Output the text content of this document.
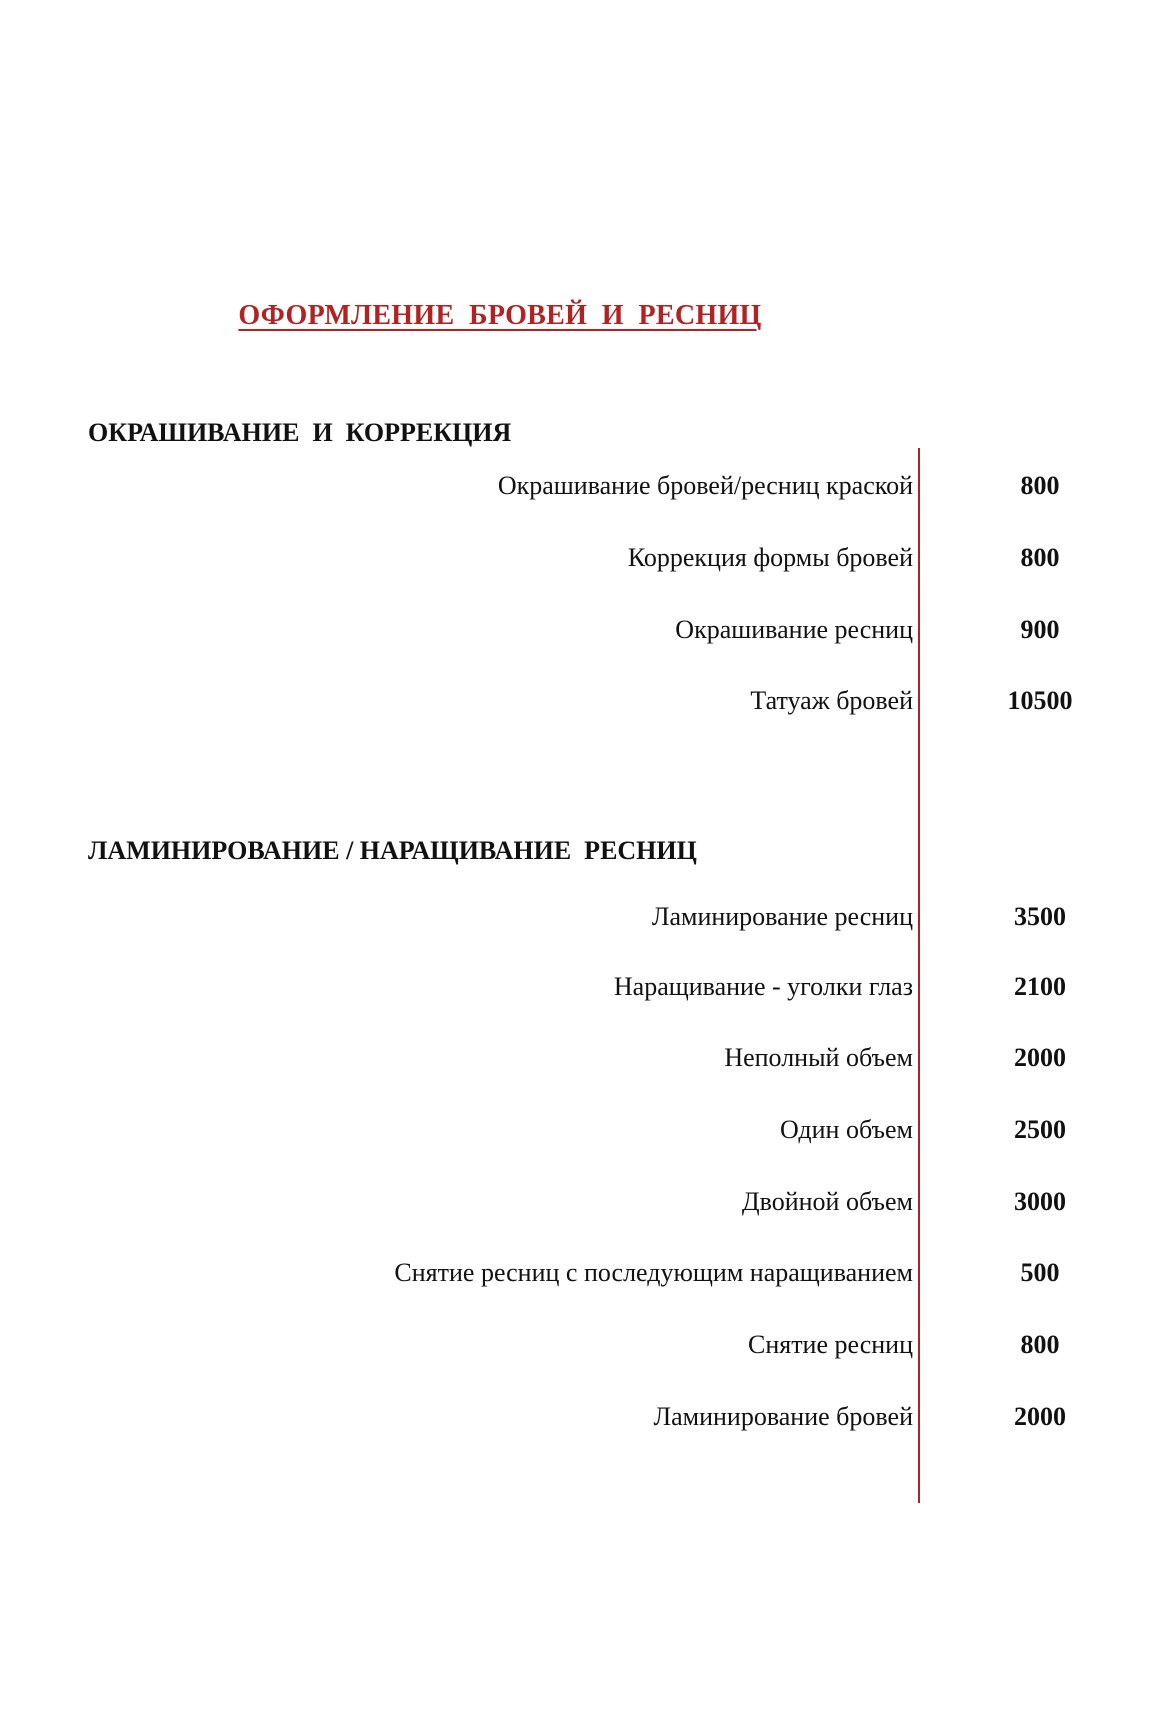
ОФОРМЛЕНИЕ  БРОВЕЙ  И  РЕСНИЦ
ОКРАШИВАНИЕ  И  КОРРЕКЦИЯ
Окрашивание бровей/ресниц краской	800
Коррекция формы бровей	800
Окрашивание ресниц	900
Татуаж бровей	10500
ЛАМИНИРОВАНИЕ / НАРАЩИВАНИЕ  РЕСНИЦ
Ламинирование ресниц	3500
Наращивание - уголки глаз	2100
Неполный объем	2000
Один объем	2500
Двойной объем	3000
Снятие ресниц с последующим наращиванием	500
Снятие ресниц	800
Ламинирование бровей	2000
